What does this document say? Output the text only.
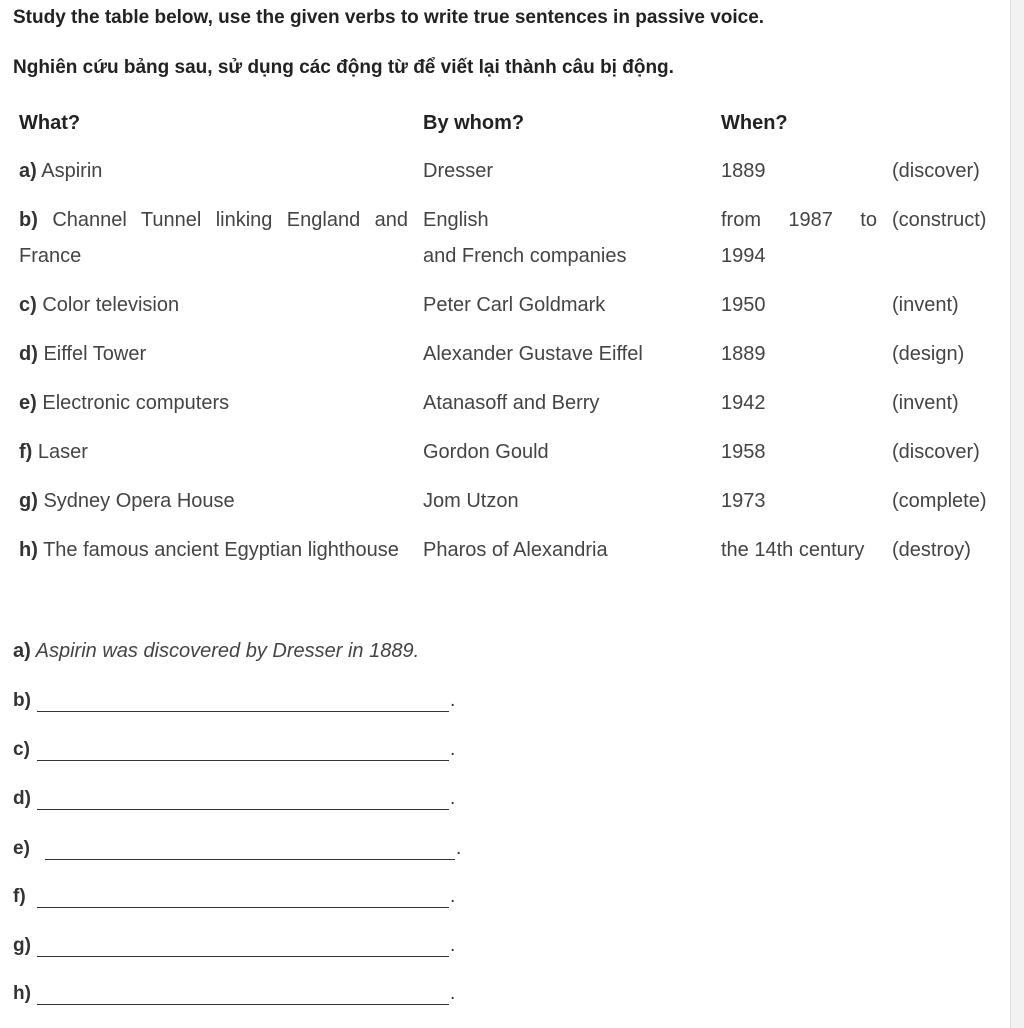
Study the table below, use the given verbs to write true sentences in passive voice.
Nghiên cứu bảng sau, sử dụng các động từ để viết lại thành câu bị động.
What?	By whom?	When?	
a) Aspirin	Dresser	1889	(discover)
b) Channel Tunnel linking England and France	English
and French companies	from 1987 to 1994	(construct)
c) Color television	Peter Carl Goldmark	1950	(invent)
d) Eiffel Tower	Alexander Gustave Eiffel	1889	(design)
e) Electronic computers	Atanasoff and Berry	1942	(invent)
f) Laser	Gordon Gould	1958	(discover)
g) Sydney Opera House	Jom Utzon	1973	(complete)
h) The famous ancient Egyptian lighthouse	Pharos of Alexandria	the 14th century	(destroy)
a) Aspirin was discovered by Dresser in 1889.
b)	.
c)	.
d)	.
e)	.
f)	.
g)	.
h)	.
